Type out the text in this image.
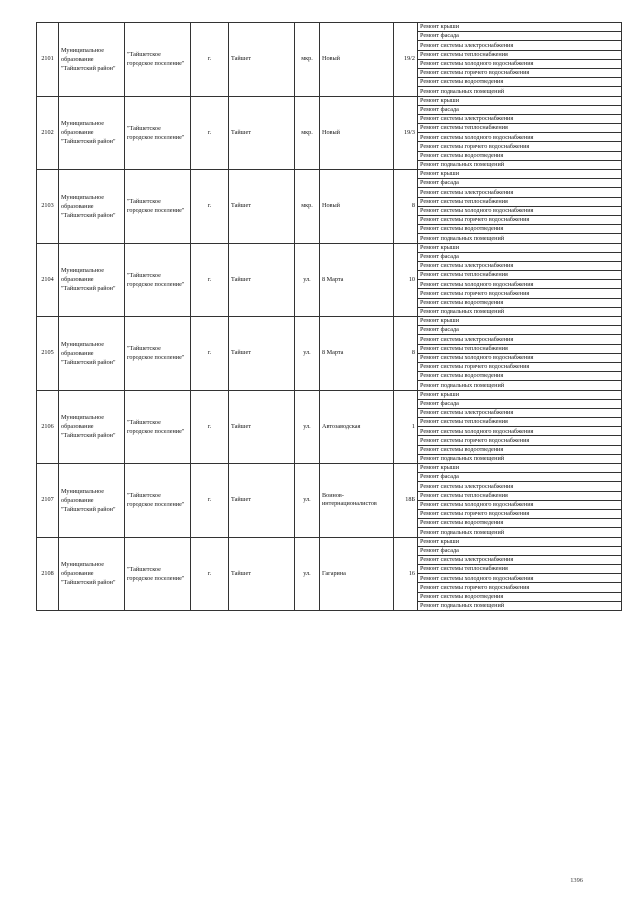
2101	Муниципальное образование "Тайшетский район"	"Тайшетское городское поселение"	г.	Тайшет	мкр.	Новый	19/2	Ремонт крыши
								Ремонт фасада
								Ремонт системы электроснабжения
								Ремонт системы теплоснабжения
								Ремонт системы холодного водоснабжения
								Ремонт системы горячего водоснабжения
								Ремонт системы водоотведения
								Ремонт подвальных помещений
2102	Муниципальное образование "Тайшетский район"	"Тайшетское городское поселение"	г.	Тайшет	мкр.	Новый	19/3	Ремонт крыши
								Ремонт фасада
								Ремонт системы электроснабжения
								Ремонт системы теплоснабжения
								Ремонт системы холодного водоснабжения
								Ремонт системы горячего водоснабжения
								Ремонт системы водоотведения
								Ремонт подвальных помещений
2103	Муниципальное образование "Тайшетский район"	"Тайшетское городское поселение"	г.	Тайшет	мкр.	Новый	8	Ремонт крыши
								Ремонт фасада
								Ремонт системы электроснабжения
								Ремонт системы теплоснабжения
								Ремонт системы холодного водоснабжения
								Ремонт системы горячего водоснабжения
								Ремонт системы водоотведения
								Ремонт подвальных помещений
2104	Муниципальное образование "Тайшетский район"	"Тайшетское городское поселение"	г.	Тайшет	ул.	8 Марта	10	Ремонт крыши
								Ремонт фасада
								Ремонт системы электроснабжения
								Ремонт системы теплоснабжения
								Ремонт системы холодного водоснабжения
								Ремонт системы горячего водоснабжения
								Ремонт системы водоотведения
								Ремонт подвальных помещений
2105	Муниципальное образование "Тайшетский район"	"Тайшетское городское поселение"	г.	Тайшет	ул.	8 Марта	8	Ремонт крыши
								Ремонт фасада
								Ремонт системы электроснабжения
								Ремонт системы теплоснабжения
								Ремонт системы холодного водоснабжения
								Ремонт системы горячего водоснабжения
								Ремонт системы водоотведения
								Ремонт подвальных помещений
2106	Муниципальное образование "Тайшетский район"	"Тайшетское городское поселение"	г.	Тайшет	ул.	Автозаводская	1	Ремонт крыши
								Ремонт фасада
								Ремонт системы электроснабжения
								Ремонт системы теплоснабжения
								Ремонт системы холодного водоснабжения
								Ремонт системы горячего водоснабжения
								Ремонт системы водоотведения
								Ремонт подвальных помещений
2107	Муниципальное образование "Тайшетский район"	"Тайшетское городское поселение"	г.	Тайшет	ул.	Воинов-интернационалистов	18Б	Ремонт крыши
								Ремонт фасада
								Ремонт системы электроснабжения
								Ремонт системы теплоснабжения
								Ремонт системы холодного водоснабжения
								Ремонт системы горячего водоснабжения
								Ремонт системы водоотведения
								Ремонт подвальных помещений
2108	Муниципальное образование "Тайшетский район"	"Тайшетское городское поселение"	г.	Тайшет	ул.	Гагарина	16	Ремонт крыши
								Ремонт фасада
								Ремонт системы электроснабжения
								Ремонт системы теплоснабжения
								Ремонт системы холодного водоснабжения
								Ремонт системы горячего водоснабжения
								Ремонт системы водоотведения
								Ремонт подвальных помещений
1396
